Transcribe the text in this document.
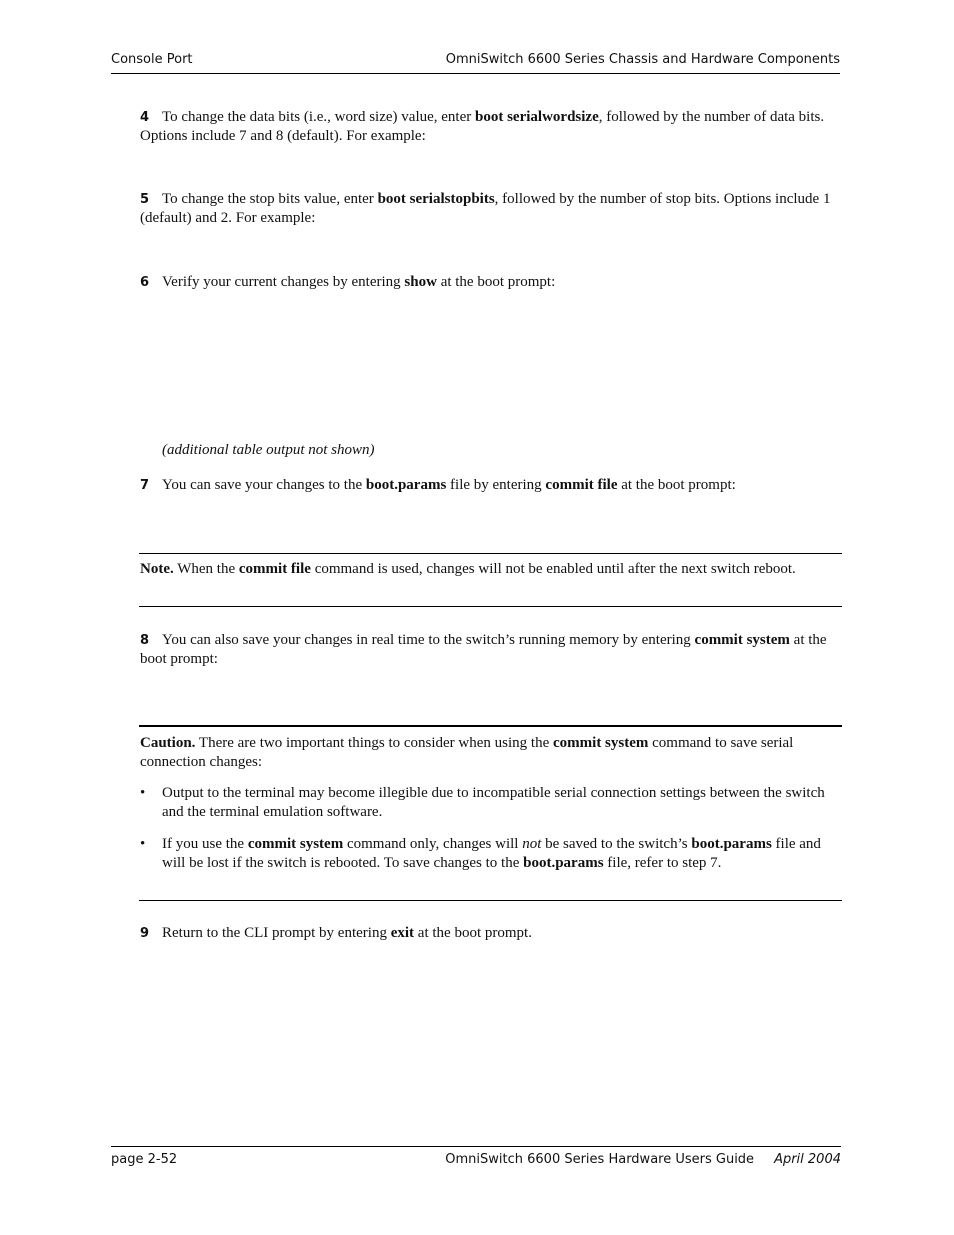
Console Port	OmniSwitch 6600 Series Chassis and Hardware Components
4 To change the data bits (i.e., word size) value, enter boot serialwordsize, followed by the number of data bits. Options include 7 and 8 (default). For example:
5 To change the stop bits value, enter boot serialstopbits, followed by the number of stop bits. Options include 1 (default) and 2. For example:
6 Verify your current changes by entering show at the boot prompt:
(additional table output not shown)
7 You can save your changes to the boot.params file by entering commit file at the boot prompt:
Note. When the commit file command is used, changes will not be enabled until after the next switch reboot.
8 You can also save your changes in real time to the switch’s running memory by entering commit system at the boot prompt:
Caution. There are two important things to consider when using the commit system command to save serial connection changes:
• Output to the terminal may become illegible due to incompatible serial connection settings between the switch and the terminal emulation software.
• If you use the commit system command only, changes will not be saved to the switch’s boot.params file and will be lost if the switch is rebooted. To save changes to the boot.params file, refer to step 7.
9 Return to the CLI prompt by entering exit at the boot prompt.
page 2-52	OmniSwitch 6600 Series Hardware Users Guide April 2004
